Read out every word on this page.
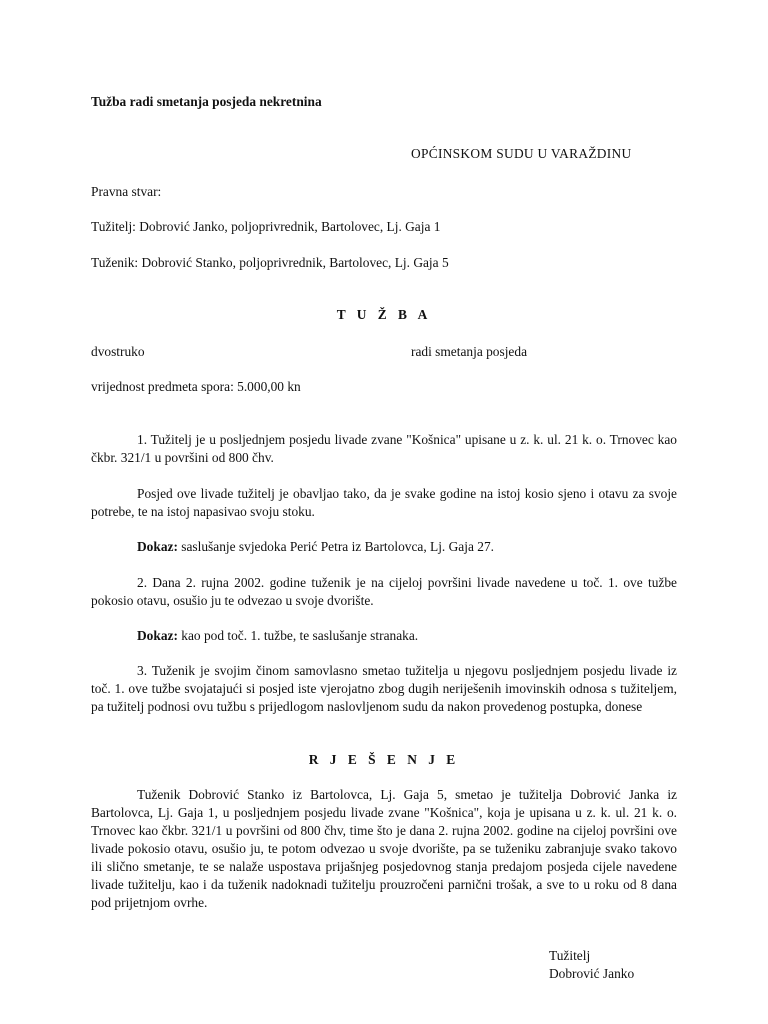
Tužba radi smetanja posjeda nekretnina
OPĆINSKOM SUDU U VARAŽDINU
Pravna stvar:
Tužitelj: Dobrović Janko, poljoprivrednik, Bartolovec, Lj. Gaja 1
Tuženik: Dobrović Stanko, poljoprivrednik, Bartolovec, Lj. Gaja 5
T U Ž B A
dvostruko	radi smetanja posjeda
vrijednost predmeta spora: 5.000,00 kn
1. Tužitelj je u posljednjem posjedu livade zvane "Košnica" upisane u z. k. ul. 21 k. o. Trnovec kao čkbr. 321/1 u površini od 800 čhv.
Posjed ove livade tužitelj je obavljao tako, da je svake godine na istoj kosio sjeno i otavu za svoje potrebe, te na istoj napasivao svoju stoku.
Dokaz: saslušanje svjedoka Perić Petra iz Bartolovca, Lj. Gaja 27.
2. Dana 2. rujna 2002. godine tuženik je na cijeloj površini livade navedene u toč. 1. ove tužbe pokosio otavu, osušio ju te odvezao u svoje dvorište.
Dokaz: kao pod toč. 1. tužbe, te saslušanje stranaka.
3. Tuženik je svojim činom samovlasno smetao tužitelja u njegovu posljednjem posjedu livade iz toč. 1. ove tužbe svojatajući si posjed iste vjerojatno zbog dugih neriješenih imovinskih odnosa s tužiteljem, pa tužitelj podnosi ovu tužbu s prijedlogom naslovljenom sudu da nakon provedenog postupka, donese
R J E Š E N J E
Tuženik Dobrović Stanko iz Bartolovca, Lj. Gaja 5, smetao je tužitelja Dobrović Janka iz Bartolovca, Lj. Gaja 1, u posljednjem posjedu livade zvane "Košnica", koja je upisana u z. k. ul. 21 k. o. Trnovec kao čkbr. 321/1 u površini od 800 čhv, time što je dana 2. rujna 2002. godine na cijeloj površini ove livade pokosio otavu, osušio ju, te potom odvezao u svoje dvorište, pa se tuženiku zabranjuje svako takovo ili slično smetanje, te se nalaže uspostava prijašnjeg posjedovnog stanja predajom posjeda cijele navedene livade tužitelju, kao i da tuženik nadoknadi tužitelju prouzročeni parnični trošak, a sve to u roku od 8 dana pod prijetnjom ovrhe.
Tužitelj
Dobrović Janko
